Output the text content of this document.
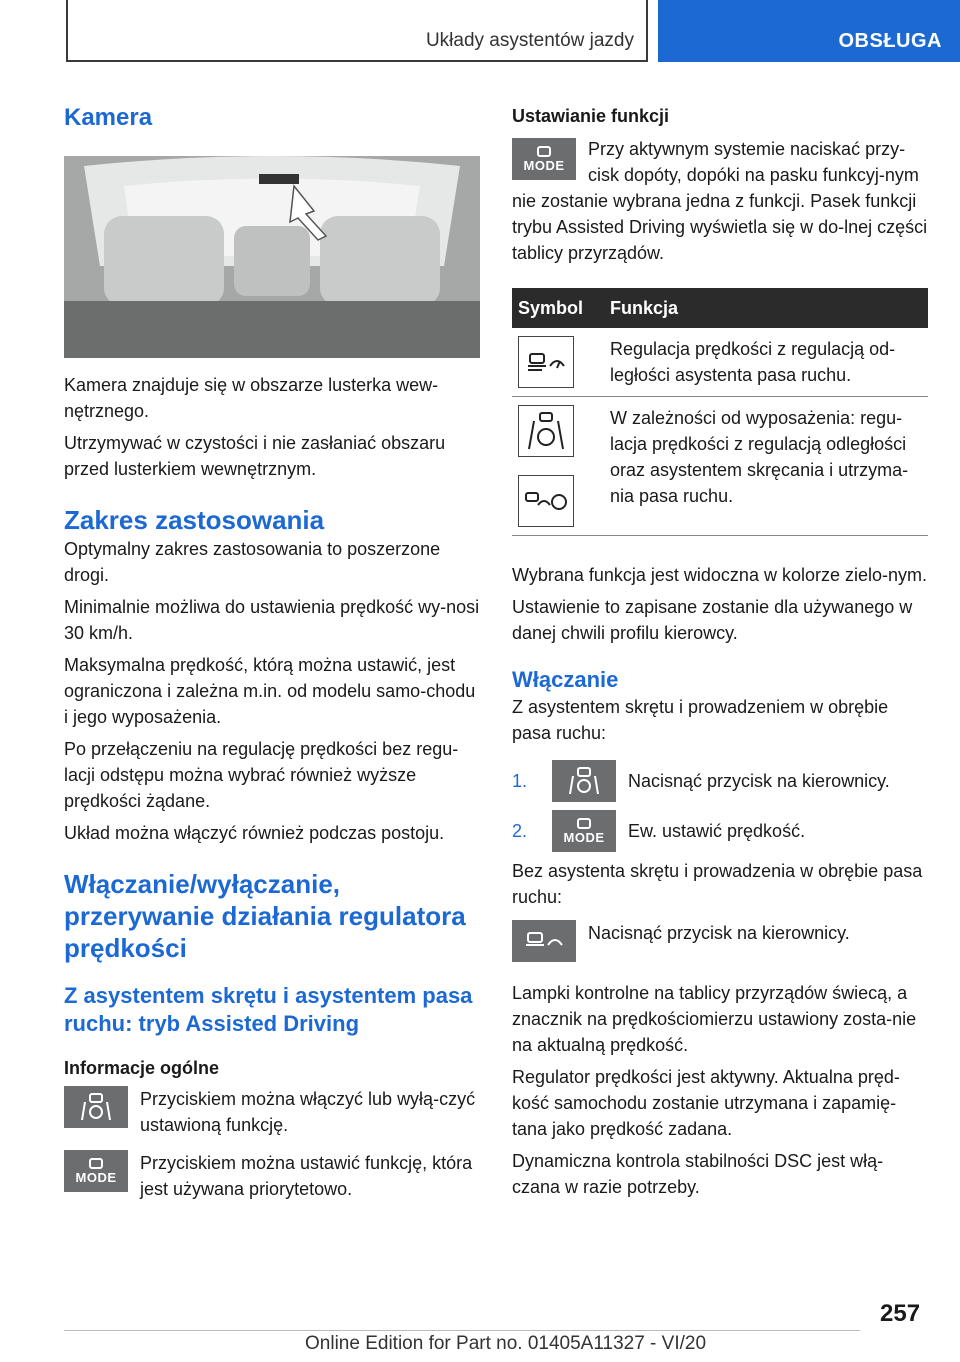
Układy asystentów jazdy	OBSŁUGA
Kamera

Kamera znajduje się w obszarze lusterka wew-nętrznego.

Utrzymywać w czystości i nie zasłaniać obszaru przed lusterkiem wewnętrznym.

Zakres zastosowania

Optymalny zakres zastosowania to poszerzone drogi.

Minimalnie możliwa do ustawienia prędkość wy-nosi 30 km/h.

Maksymalna prędkość, którą można ustawić, jest ograniczona i zależna m.in. od modelu samo-chodu i jego wyposażenia.

Po przełączeniu na regulację prędkości bez regu-lacji odstępu można wybrać również wyższe prędkości żądane.

Układ można włączyć również podczas postoju.

Włączanie/wyłączanie, przerywanie działania regulatora prędkości
Z asystentem skrętu i asystentem pasa ruchu: tryb Assisted Driving
Informacje ogólne

Przyciskiem można włączyć lub wyłą-czyć ustawioną funkcję.

MODE

Przyciskiem można ustawić funkcję, która jest używana priorytetowo.

Ustawianie funkcji
MODE

Przy aktywnym systemie naciskać przy-cisk dopóty, dopóki na pasku funkcyj-nym nie zostanie wybrana jedna z funkcji. Pasek funkcji trybu Assisted Driving wyświetla się w do-lnej części tablicy przyrządów.

Symbol	Funkcja

	Regulacja prędkości z regulacją od-ległości asystenta pasa ruchu.

	W zależności od wyposażenia: regu-lacja prędkości z regulacją odległości oraz asystentem skręcania i utrzyma-nia pasa ruchu.

Wybrana funkcja jest widoczna w kolorze zielo-nym.

Ustawienie to zapisane zostanie dla używanego w danej chwili profilu kierowcy.

Włączanie

Z asystentem skrętu i prowadzeniem w obrębie pasa ruchu:

1.	Nacisnąć przycisk na kierownicy.

2.	MODE Ew. ustawić prędkość.

Bez asystenta skrętu i prowadzenia w obrębie pasa ruchu:

Nacisnąć przycisk na kierownicy.

Lampki kontrolne na tablicy przyrządów świecą, a znacznik na prędkościomierzu ustawiony zosta-nie na aktualną prędkość.

Regulator prędkości jest aktywny. Aktualna pręd-kość samochodu zostanie utrzymana i zapamię-tana jako prędkość zadana.

Dynamiczna kontrola stabilności DSC jest włą-czana w razie potrzeby.

257
Online Edition for Part no. 01405A11327 - VI/20
